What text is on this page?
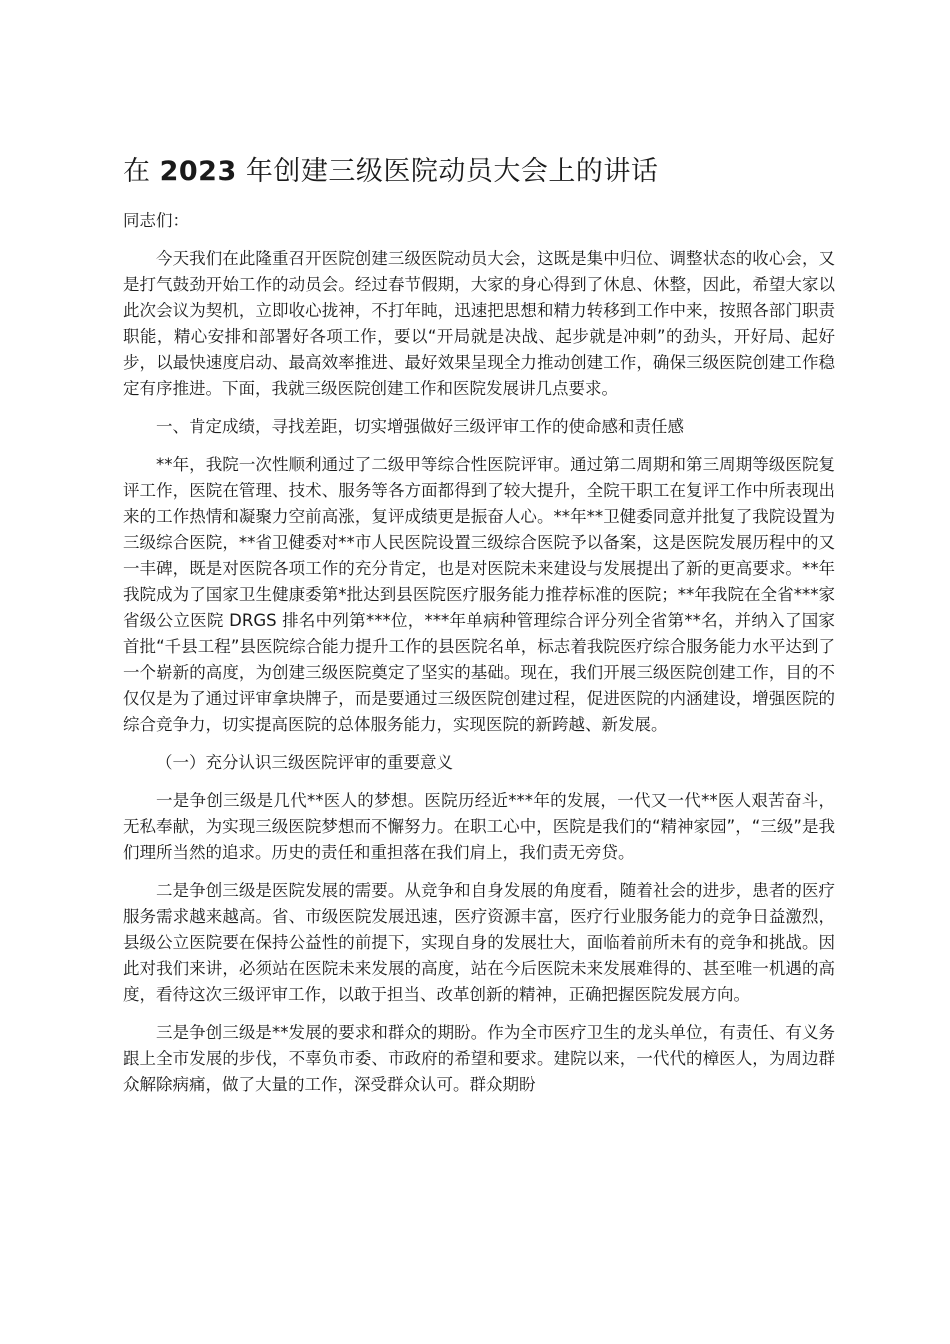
在 2023 年创建三级医院动员大会上的讲话

同志们：

今天我们在此隆重召开医院创建三级医院动员大会，这既是集中归位、调整状态的收心会，又是打气鼓劲开始工作的动员会。经过春节假期，大家的身心得到了休息、休整，因此，希望大家以此次会议为契机，立即收心拢神，不打年盹，迅速把思想和精力转移到工作中来，按照各部门职责职能，精心安排和部署好各项工作，要以“开局就是决战、起步就是冲刺”的劲头，开好局、起好步，以最快速度启动、最高效率推进、最好效果呈现全力推动创建工作，确保三级医院创建工作稳定有序推进。下面，我就三级医院创建工作和医院发展讲几点要求。

一、肯定成绩，寻找差距，切实增强做好三级评审工作的使命感和责任感

**年，我院一次性顺利通过了二级甲等综合性医院评审。通过第二周期和第三周期等级医院复评工作，医院在管理、技术、服务等各方面都得到了较大提升，全院干职工在复评工作中所表现出来的工作热情和凝聚力空前高涨，复评成绩更是振奋人心。**年**卫健委同意并批复了我院设置为三级综合医院，**省卫健委对**市人民医院设置三级综合医院予以备案，这是医院发展历程中的又一丰碑，既是对医院各项工作的充分肯定，也是对医院未来建设与发展提出了新的更高要求。**年我院成为了国家卫生健康委第*批达到县医院医疗服务能力推荐标准的医院；**年我院在全省***家省级公立医院 DRGS 排名中列第***位，***年单病种管理综合评分列全省第**名，并纳入了国家首批“千县工程”县医院综合能力提升工作的县医院名单，标志着我院医疗综合服务能力水平达到了一个崭新的高度，为创建三级医院奠定了坚实的基础。现在，我们开展三级医院创建工作，目的不仅仅是为了通过评审拿块牌子，而是要通过三级医院创建过程，促进医院的内涵建设，增强医院的综合竞争力，切实提高医院的总体服务能力，实现医院的新跨越、新发展。

（一）充分认识三级医院评审的重要意义

一是争创三级是几代**医人的梦想。医院历经近***年的发展，一代又一代**医人艰苦奋斗，无私奉献，为实现三级医院梦想而不懈努力。在职工心中，医院是我们的“精神家园”，“三级”是我们理所当然的追求。历史的责任和重担落在我们肩上，我们责无旁贷。

二是争创三级是医院发展的需要。从竞争和自身发展的角度看，随着社会的进步，患者的医疗服务需求越来越高。省、市级医院发展迅速，医疗资源丰富，医疗行业服务能力的竞争日益激烈，县级公立医院要在保持公益性的前提下，实现自身的发展壮大，面临着前所未有的竞争和挑战。因此对我们来讲，必须站在医院未来发展的高度，站在今后医院未来发展难得的、甚至唯一机遇的高度，看待这次三级评审工作，以敢于担当、改革创新的精神，正确把握医院发展方向。

三是争创三级是**发展的要求和群众的期盼。作为全市医疗卫生的龙头单位，有责任、有义务跟上全市发展的步伐，不辜负市委、市政府的希望和要求。建院以来，一代代的樟医人，为周边群众解除病痛，做了大量的工作，深受群众认可。群众期盼
